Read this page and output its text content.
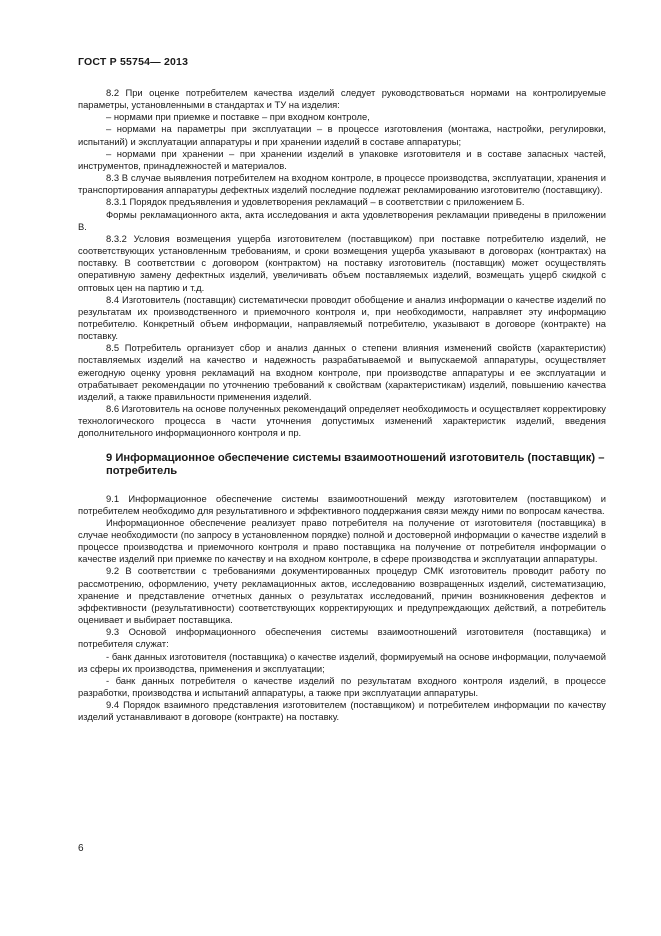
ГОСТ Р 55754— 2013

8.2 При оценке потребителем качества изделий следует руководствоваться нормами на контролируемые параметры, установленными в стандартах и ТУ на изделия:

– нормами при приемке и поставке – при входном контроле,

– нормами на параметры при эксплуатации – в процессе изготовления (монтажа, настройки, регулировки, испытаний) и эксплуатации аппаратуры и при хранении изделий в составе аппаратуры;

– нормами при хранении – при хранении изделий в упаковке изготовителя и в составе запасных частей, инструментов, принадлежностей и материалов.

8.3 В случае выявления потребителем на входном контроле, в процессе производства, эксплуатации, хранения и транспортирования аппаратуры дефектных изделий последние подлежат рекламированию изготовителю (поставщику).

8.3.1 Порядок предъявления и удовлетворения рекламаций – в соответствии с приложением Б.

Формы рекламационного акта, акта исследования и акта удовлетворения рекламации приведены в приложении В.

8.3.2 Условия возмещения ущерба изготовителем (поставщиком) при поставке потребителю изделий, не соответствующих установленным требованиям, и сроки возмещения ущерба указывают в договорах (контрактах) на поставку. В соответствии с договором (контрактом) на поставку изготовитель (поставщик) может осуществлять оперативную замену дефектных изделий, увеличивать объем поставляемых изделий, возмещать ущерб скидкой с оптовых цен на партию и т.д.

8.4 Изготовитель (поставщик) систематически проводит обобщение и анализ информации о качестве изделий по результатам их производственного и приемочного контроля и, при необходимости, направляет эту информацию потребителю. Конкретный объем информации, направляемый потребителю, указывают в договоре (контракте) на поставку.

8.5 Потребитель организует сбор и анализ данных о степени влияния изменений свойств (характеристик) поставляемых изделий на качество и надежность разрабатываемой и выпускаемой аппаратуры, осуществляет ежегодную оценку уровня рекламаций на входном контроле, при производстве аппаратуры и ее эксплуатации и отрабатывает рекомендации по уточнению требований к свойствам (характеристикам) изделий, повышению качества изделий, а также правильности применения изделий.

8.6 Изготовитель на основе полученных рекомендаций определяет необходимость и осуществляет корректировку технологического процесса в части уточнения допустимых изменений характеристик изделий, введения дополнительного информационного контроля и пр.

9 Информационное обеспечение системы взаимоотношений изготовитель (поставщик) – потребитель

9.1 Информационное обеспечение системы взаимоотношений между изготовителем (поставщиком) и потребителем необходимо для результативного и эффективного поддержания связи между ними по вопросам качества.

Информационное обеспечение реализует право потребителя на получение от изготовителя (поставщика) в случае необходимости (по запросу в установленном порядке) полной и достоверной информации о качестве изделий в процессе производства и приемочного контроля и право поставщика на получение от потребителя информации о качестве изделий при приемке по качеству и на входном контроле, в сфере производства и эксплуатации аппаратуры.

9.2 В соответствии с требованиями документированных процедур СМК изготовитель проводит работу по рассмотрению, оформлению, учету рекламационных актов, исследованию возвращенных изделий, систематизацию, хранение и представление отчетных данных о результатах исследований, причин возникновения дефектов и эффективности (результативности) соответствующих корректирующих и предупреждающих действий, а потребитель оценивает и выбирает поставщика.

9.3 Основой информационного обеспечения системы взаимоотношений изготовителя (поставщика) и потребителя служат:

- банк данных изготовителя (поставщика) о качестве изделий, формируемый на основе информации, получаемой из сферы их производства, применения и эксплуатации;

- банк данных потребителя о качестве изделий по результатам входного контроля изделий, в процессе разработки, производства и испытаний аппаратуры, а также при эксплуатации аппаратуры.

9.4 Порядок взаимного представления изготовителем (поставщиком) и потребителем информации по качеству изделий устанавливают в договоре (контракте) на поставку.

6
